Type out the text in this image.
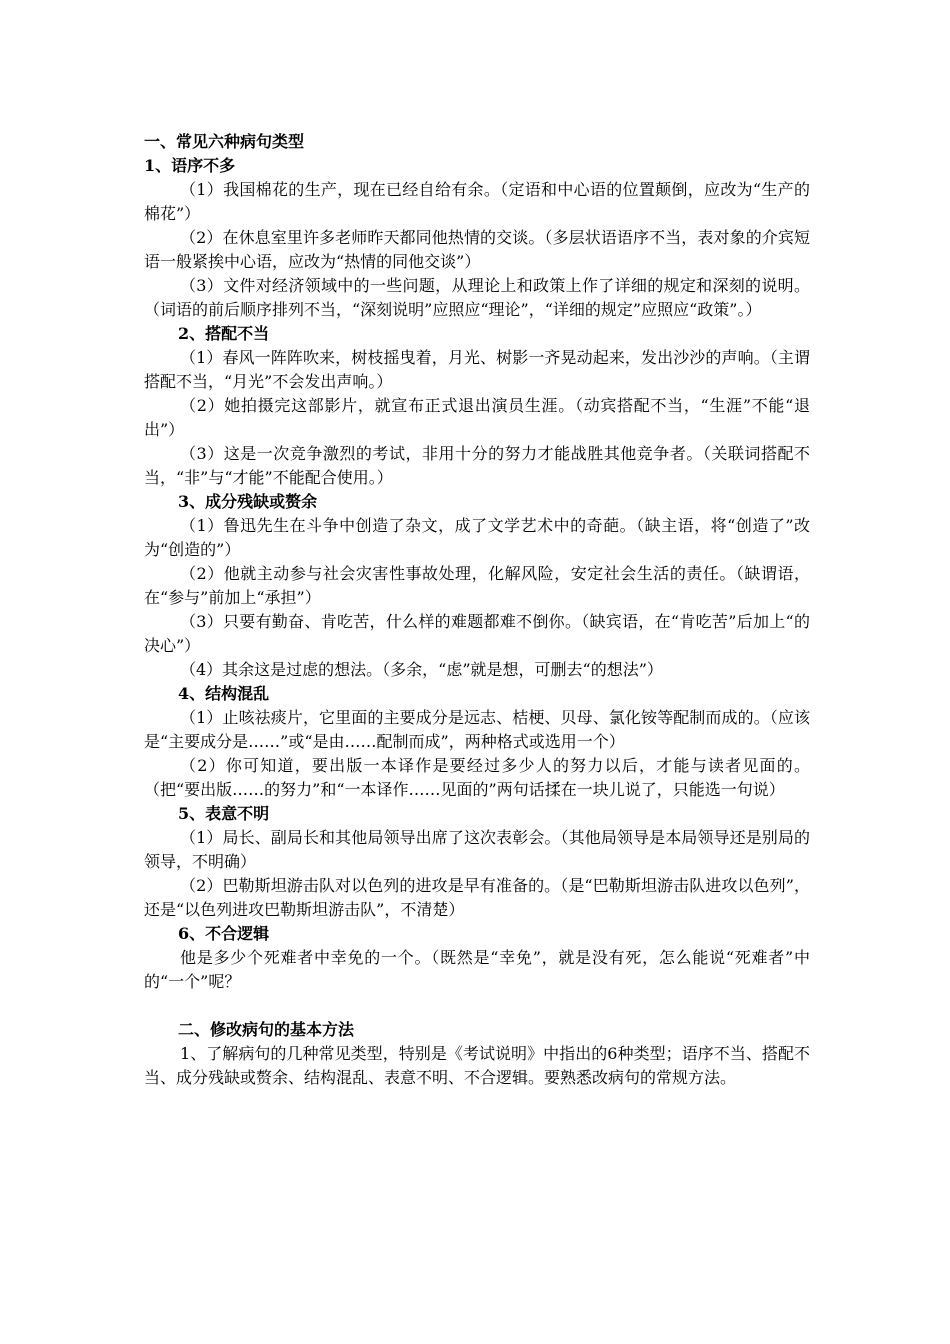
一、常见六种病句类型
1、语序不多

（1）我国棉花的生产，现在已经自给有余。（定语和中心语的位置颠倒，应改为“生产的棉花”）

（2）在休息室里许多老师昨天都同他热情的交谈。（多层状语语序不当，表对象的介宾短语一般紧挨中心语，应改为“热情的同他交谈”）

（3）文件对经济领域中的一些问题，从理论上和政策上作了详细的规定和深刻的说明。（词语的前后顺序排列不当，“深刻说明”应照应“理论”，“详细的规定”应照应“政策”。）

2、搭配不当

（1）春风一阵阵吹来，树枝摇曳着，月光、树影一齐晃动起来，发出沙沙的声响。（主谓搭配不当，“月光”不会发出声响。）

（2）她拍摄完这部影片，就宣布正式退出演员生涯。（动宾搭配不当，“生涯”不能“退出”）

（3）这是一次竞争激烈的考试，非用十分的努力才能战胜其他竞争者。（关联词搭配不当，“非”与“才能”不能配合使用。）

3、成分残缺或赘余

（1）鲁迅先生在斗争中创造了杂文，成了文学艺术中的奇葩。（缺主语，将“创造了”改为“创造的”）

（2）他就主动参与社会灾害性事故处理，化解风险，安定社会生活的责任。（缺谓语，在“参与”前加上“承担”）

（3）只要有勤奋、肯吃苦，什么样的难题都难不倒你。（缺宾语，在“肯吃苦”后加上“的决心”）

（4）其余这是过虑的想法。（多余，“虑”就是想，可删去“的想法”）

4、结构混乱

（1）止咳祛痰片，它里面的主要成分是远志、桔梗、贝母、氯化铵等配制而成的。（应该是“主要成分是……”或“是由……配制而成”，两种格式或选用一个）

（2）你可知道，要出版一本译作是要经过多少人的努力以后，才能与读者见面的。（把“要出版……的努力”和“一本译作……见面的”两句话揉在一块儿说了，只能选一句说）

5、表意不明

（1）局长、副局长和其他局领导出席了这次表彰会。（其他局领导是本局领导还是别局的领导，不明确）

（2）巴勒斯坦游击队对以色列的进攻是早有准备的。（是“巴勒斯坦游击队进攻以色列”，还是“以色列进攻巴勒斯坦游击队”，不清楚）

6、不合逻辑

他是多少个死难者中幸免的一个。（既然是“幸免”，就是没有死，怎么能说“死难者”中的“一个”呢？

二、修改病句的基本方法

1、了解病句的几种常见类型，特别是《考试说明》中指出的6种类型；语序不当、搭配不当、成分残缺或赘余、结构混乱、表意不明、不合逻辑。要熟悉改病句的常规方法。
